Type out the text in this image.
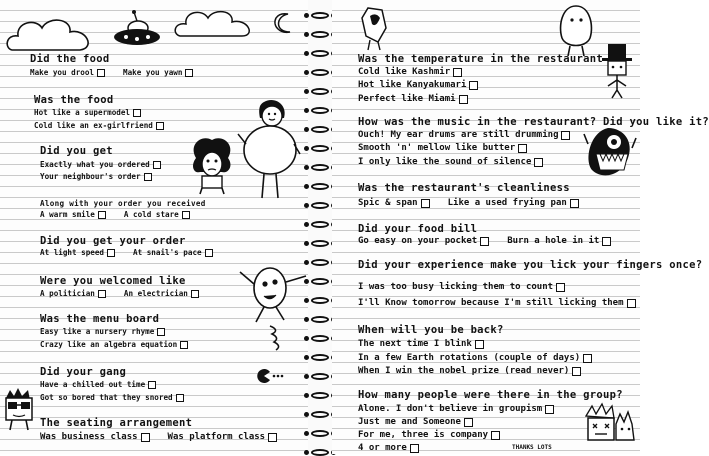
THANKS LOTS
Did the food
Make you drool	Make you yawn
Was the food
Hot like a supermodel
Cold like an ex-girlfriend
Did you get
Exactly what you ordered
Your neighbour's order
Along with your order you received
A warm smile	A cold stare
Did you get your order
At light speed	At snail's pace
Were you welcomed like
A politician	An electrician
Was the menu board
Easy like a nursery rhyme
Crazy like an algebra equation
Did your gang
Have a chilled out time
Got so bored that they snored
The seating arrangement
Was business class	Was platform class
Was the temperature in the restaurant
Cold like Kashmir
Hot like Kanyakumari
Perfect like Miami
How was the music in the restaurant? Did you like it?
Ouch! My ear drums are still drumming
Smooth 'n' mellow like butter
I only like the sound of silence
Was the restaurant's cleanliness
Spic & span	Like a used frying pan
Did your food bill
Go easy on your pocket	Burn a hole in it
Did your experience make you lick your fingers once?
I was too busy licking them to count
I'll Know tomorrow because I'm still licking them
When will you be back?
The next time I blink
In a few Earth rotations (couple of days)
When I win the nobel prize (read never)
How many people were there in the group?
Alone. I don't believe in groupism
Just me and Someone
For me, three is company
4 or more
